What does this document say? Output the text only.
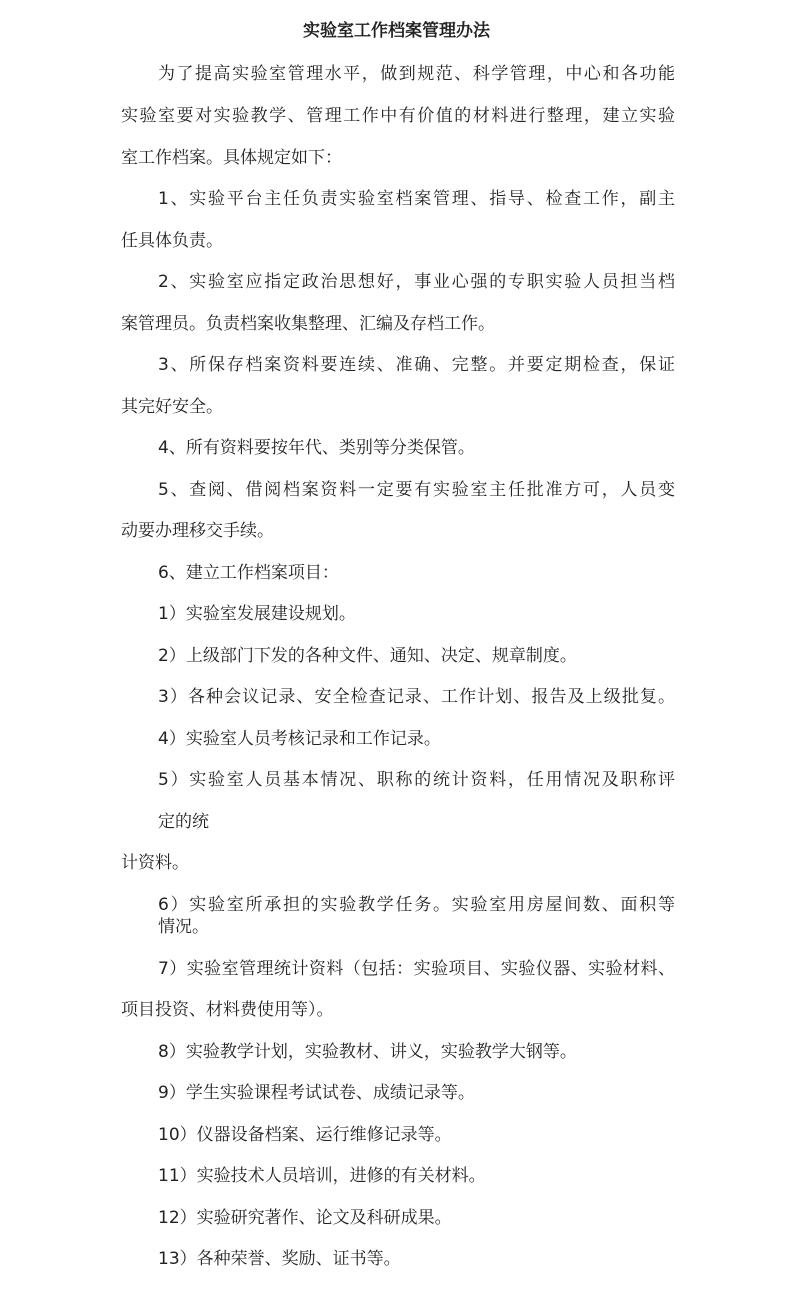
实验室工作档案管理办法
为了提高实验室管理水平，做到规范、科学管理，中心和各功能
实验室要对实验教学、管理工作中有价值的材料进行整理，建立实验
室工作档案。具体规定如下：
1、实验平台主任负责实验室档案管理、指导、检查工作，副主
任具体负责。
2、实验室应指定政治思想好，事业心强的专职实验人员担当档
案管理员。负责档案收集整理、汇编及存档工作。
3、所保存档案资料要连续、准确、完整。并要定期检查，保证
其完好安全。
4、所有资料要按年代、类别等分类保管。
5、查阅、借阅档案资料一定要有实验室主任批准方可，人员变
动要办理移交手续。
6、建立工作档案项目：
1）实验室发展建设规划。
2）上级部门下发的各种文件、通知、决定、规章制度。
3）各种会议记录、安全检查记录、工作计划、报告及上级批复。
4）实验室人员考核记录和工作记录。
5）实验室人员基本情况、职称的统计资料，任用情况及职称评
定的统
计资料。
6）实验室所承担的实验教学任务。实验室用房屋间数、面积等
情况。
7）实验室管理统计资料（包括：实验项目、实验仪器、实验材料、
项目投资、材料费使用等）。
8）实验教学计划，实验教材、讲义，实验教学大钢等。
9）学生实验课程考试试卷、成绩记录等。
10）仪器设备档案、运行维修记录等。
11）实验技术人员培训，进修的有关材料。
12）实验研究著作、论文及科研成果。
13）各种荣誉、奖励、证书等。
